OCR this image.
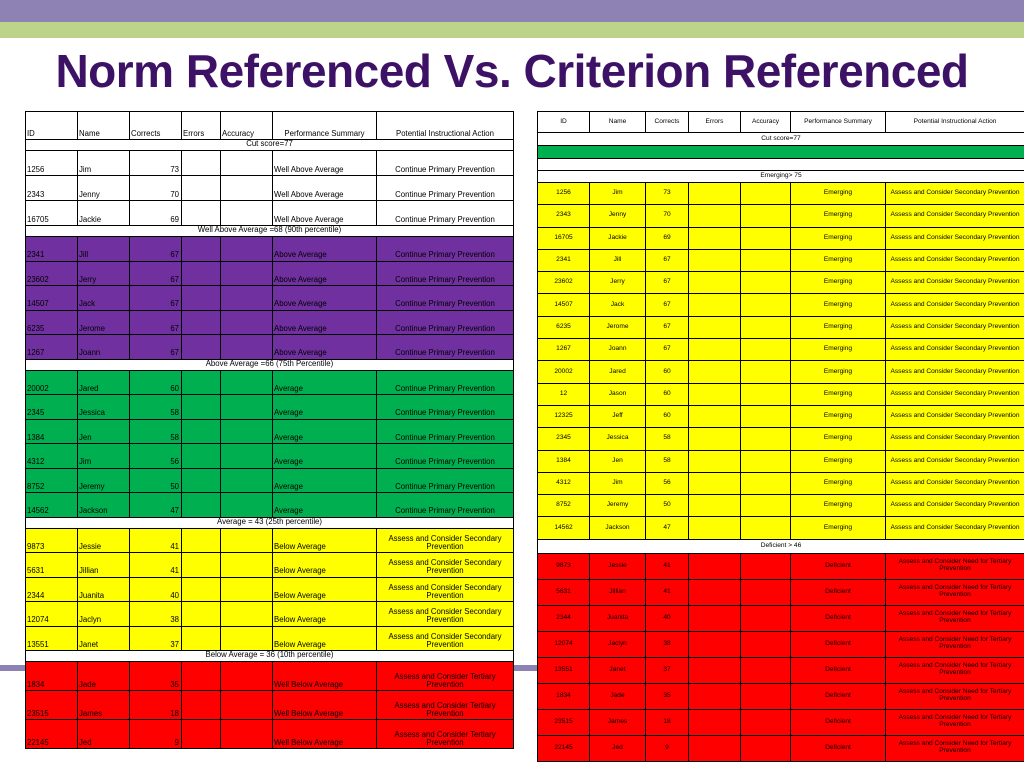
Norm Referenced Vs. Criterion Referenced
ID	Name	Corrects	Errors	Accuracy	Performance Summary	Potential Instructional Action
Cut score=77						
1256	Jim	73			Well Above Average	Continue Primary Prevention
2343	Jenny	70			Well Above Average	Continue Primary Prevention
16705	Jackie	69			Well Above Average	Continue Primary Prevention
Well Above Average =68 (90th percentile)						
2341	Jill	67			Above Average	Continue Primary Prevention
23602	Jerry	67			Above Average	Continue Primary Prevention
14507	Jack	67			Above Average	Continue Primary Prevention
6235	Jerome	67			Above Average	Continue Primary Prevention
1267	Joann	67			Above Average	Continue Primary Prevention
Above Average =66 (75th Percentile)						
20002	Jared	60			Average	Continue Primary Prevention
2345	Jessica	58			Average	Continue Primary Prevention
1384	Jen	58			Average	Continue Primary Prevention
4312	Jim	56			Average	Continue Primary Prevention
8752	Jeremy	50			Average	Continue Primary Prevention
14562	Jackson	47			Average	Continue Primary Prevention
Average = 43 (25th percentile)						
9873	Jessie	41			Below Average	Assess and Consider Secondary Prevention
5631	Jillian	41			Below Average	Assess and Consider Secondary Prevention
2344	Juanita	40			Below Average	Assess and Consider Secondary Prevention
12074	Jaclyn	38			Below Average	Assess and Consider Secondary Prevention
13551	Janet	37			Below Average	Assess and Consider Secondary Prevention
Below Average = 36 (10th percentile)						
1834	Jade	35			Well Below Average	Assess and Consider Tertiary Prevention
23515	James	18			Well Below Average	Assess and Consider Tertiary Prevention
22145	Jed	9			Well Below Average	Assess and Consider Tertiary Prevention
ID	Name	Corrects	Errors	Accuracy	Performance Summary	Potential Instructional Action
Cut score=77						

Emerging> 75						
1256	Jim	73			Emerging	Assess and Consider Secondary Prevention
2343	Jenny	70			Emerging	Assess and Consider Secondary Prevention
16705	Jackie	69			Emerging	Assess and Consider Secondary Prevention
2341	Jill	67			Emerging	Assess and Consider Secondary Prevention
23602	Jerry	67			Emerging	Assess and Consider Secondary Prevention
14507	Jack	67			Emerging	Assess and Consider Secondary Prevention
6235	Jerome	67			Emerging	Assess and Consider Secondary Prevention
1267	Joann	67			Emerging	Assess and Consider Secondary Prevention
20002	Jared	60			Emerging	Assess and Consider Secondary Prevention
12	Jason	60			Emerging	Assess and Consider Secondary Prevention
12325	Jeff	60			Emerging	Assess and Consider Secondary Prevention
2345	Jessica	58			Emerging	Assess and Consider Secondary Prevention
1384	Jen	58			Emerging	Assess and Consider Secondary Prevention
4312	Jim	56			Emerging	Assess and Consider Secondary Prevention
8752	Jeremy	50			Emerging	Assess and Consider Secondary Prevention
14562	Jackson	47			Emerging	Assess and Consider Secondary Prevention
Deficient > 46						
9873	Jessie	41			Deficient	Assess and Consider Need for Tertiary Prevention
5631	Jillian	41			Deficient	Assess and Consider Need for Tertiary Prevention
2344	Juanita	40			Deficient	Assess and Consider Need for Tertiary Prevention
12074	Jaclyn	38			Deficient	Assess and Consider Need for Tertiary Prevention
13551	Janet	37			Deficient	Assess and Consider Need for Tertiary Prevention
1834	Jade	35			Deficient	Assess and Consider Need for Tertiary Prevention
23515	James	18			Deficient	Assess and Consider Need for Tertiary Prevention
22145	Jed	9			Deficient	Assess and Consider Need for Tertiary Prevention
